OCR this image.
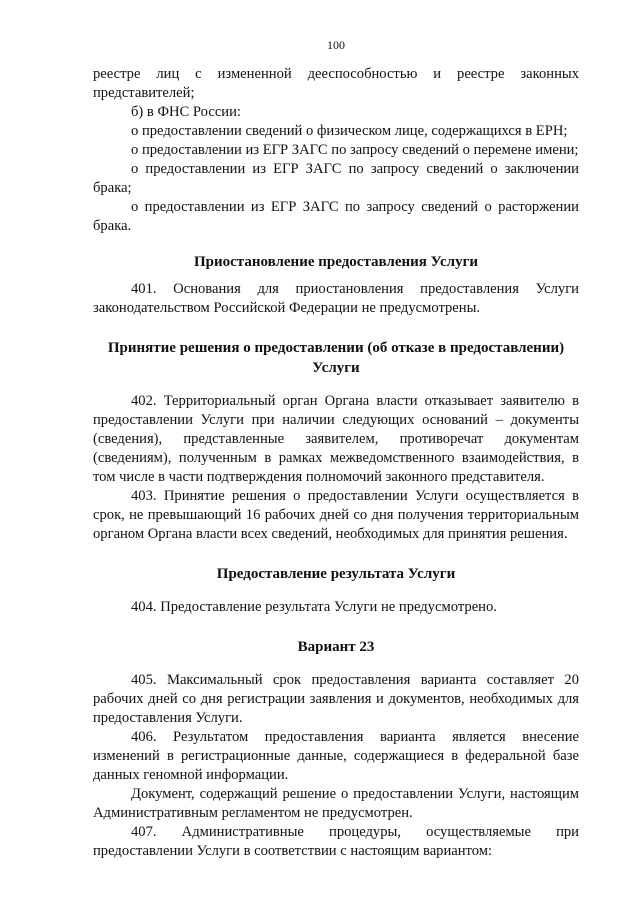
100

реестре лиц с измененной дееспособностью и реестре законных представителей;

б) в ФНС России:

о предоставлении сведений о физическом лице, содержащихся в ЕРН;

о предоставлении из ЕГР ЗАГС по запросу сведений о перемене имени;

о предоставлении из ЕГР ЗАГС по запросу сведений о заключении брака;

о предоставлении из ЕГР ЗАГС по запросу сведений о расторжении брака.

Приостановление предоставления Услуги

401. Основания для приостановления предоставления Услуги законодательством Российской Федерации не предусмотрены.

Принятие решения о предоставлении (об отказе в предоставлении) Услуги

402. Территориальный орган Органа власти отказывает заявителю в предоставлении Услуги при наличии следующих оснований – документы (сведения), представленные заявителем, противоречат документам (сведениям), полученным в рамках межведомственного взаимодействия, в том числе в части подтверждения полномочий законного представителя.

403. Принятие решения о предоставлении Услуги осуществляется в срок, не превышающий 16 рабочих дней со дня получения территориальным органом Органа власти всех сведений, необходимых для принятия решения.

Предоставление результата Услуги

404. Предоставление результата Услуги не предусмотрено.

Вариант 23

405. Максимальный срок предоставления варианта составляет 20 рабочих дней со дня регистрации заявления и документов, необходимых для предоставления Услуги.

406. Результатом предоставления варианта является внесение изменений в регистрационные данные, содержащиеся в федеральной базе данных геномной информации.

Документ, содержащий решение о предоставлении Услуги, настоящим Административным регламентом не предусмотрен.

407. Административные процедуры, осуществляемые при предоставлении Услуги в соответствии с настоящим вариантом:
